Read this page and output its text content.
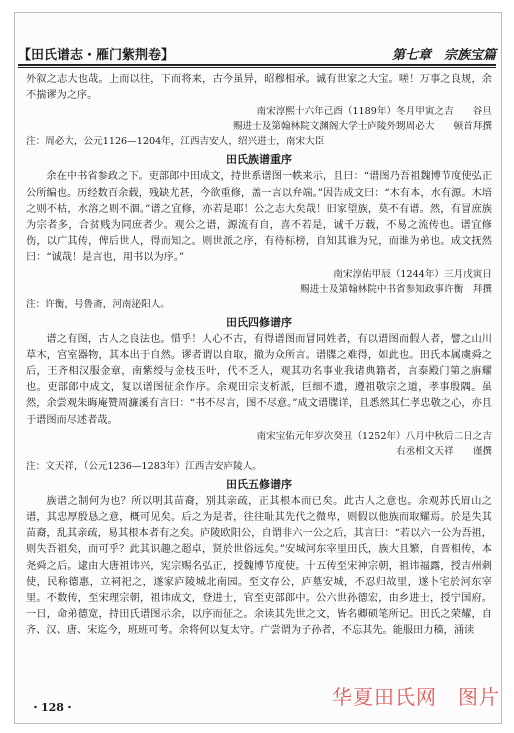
【田氏谱志・雁门紫荆卷】	第七章　宗族宝篇

外叙之志大也哉。上而以往，下而将来，古今虽异，昭穆相承。诚有世家之大宝。嗟！万事之良规，余不揣谬为之序。

南宋淳熙十六年己酉（1189年）冬月甲寅之吉　　谷旦

赐进士及第翰林院文渊阁大学士庐陵外甥周必大　　顿首拜撰

注：周必大，公元1126—1204年，江西吉安人，绍兴进士，南宋大臣

田氏族谱重序

余在中书省参政之下。吏部郎中田成文，持世系谱图一帙来示，且曰：“谱图乃吾祖魏博节度使弘正公所编也。历经数百余载，残缺尤甚，今欲重修，盖一言以弁端。”因告成文曰：“木有本，水有源。木培之则不枯，水溶之则不涸。”谱之宜修，亦若是耶！公之志大矣哉！旧家望族，莫不有谱。然，有冒庶族为宗者多，合贫贱为同庶者少。观公之谱，源流有自，喜不若是，诚千万载，不易之流传也。谱宜修伤，以广其传，俾后世人，得而知之。则世派之序，有待标榜，自知其谁为兄，而谁为弟也。成文抚然曰：“诚哉！是言也，用书以为序。”

南宋淳佑甲辰（1244年）三月戊寅日

赐进士及第翰林院中书省参知政事许衡　拜撰

注：许衡，号鲁斋，河南泌阳人。

田氏四修谱序

谱之有图，古人之良法也。惜乎！人心不古，有得谱图而冒同姓者，有以谱图而假人者，譬之山川草木，宫室器物，其本出于自然。谬者谓以自取，撤为众所言。谱牒之难得，如此也。田氏本属虞舜之后，王齐相汉服金章，南紫绶与金枝玉叶，代不乏人，观其功名事业我诸典籍者，言泰殿门第之旃耀也。吏部郎中成文，复以谱图征余作序。余观田宗支析派，巨细不遗，遵祖敬宗之道，孝事殷隅。虽然，余尝观朱晦庵赞周濂溪有言曰：“书不尽言，图不尽意。”成文谱牒详，且悉然其仁孝忠敬之心，亦且于谱图而尽述者哉。

南宋宝佑元年岁次癸丑（1252年）八月中秋后二日之吉

右丞相文天祥　　谨撰

注：文天祥，（公元1236—1283年）江西吉安庐陵人。

田氏五修谱序

族谱之制何为也？所以明其苗裔，别其亲疏，正其根本而已矣。此古人之意也。余观苏氏眉山之谱，其忠厚殷恳之意，概可见矣。后之为是者，往往耻其先代之微卑，则假以他族而取耀焉。於是失其苗裔，乱其亲疏，易其根本者有之矣。庐陵欧阳公，自谓非六一公之后，其言曰：“若以六一公为吾祖，则失吾祖矣，而可乎？此其识趣之超卓，贤於世俗远矣。”安城河东宰里田氏，族大且繁，自晋相传，本尧舜之后。逮由大唐祖讳兴，宪宗赐名弘正，授魏博节度使。十五传至宋神宗朝，祖讳福露，授吉州刺使，民称德惠，立祠祀之，遂家庐陵城北南园。至文存公，庐墓安城，不忍归故里，遂卜宅於河东宰里。不数传，至宋理宗朝，祖讳成文，登进士，官至吏部郎中。公六世孙德宏，由乡进士，授宁国府。一日，命弟德宽，持田氏谱图示余，以序而征之。余读其先世之文，皆名卿硕笔所记。田氏之荣耀，自齐、汉、唐、宋迄今，班班可考。余将何以复太守。广尝谓为子孙者，不忘其先。能服田力穑，涌读

・128・	华夏田氏网　图片
